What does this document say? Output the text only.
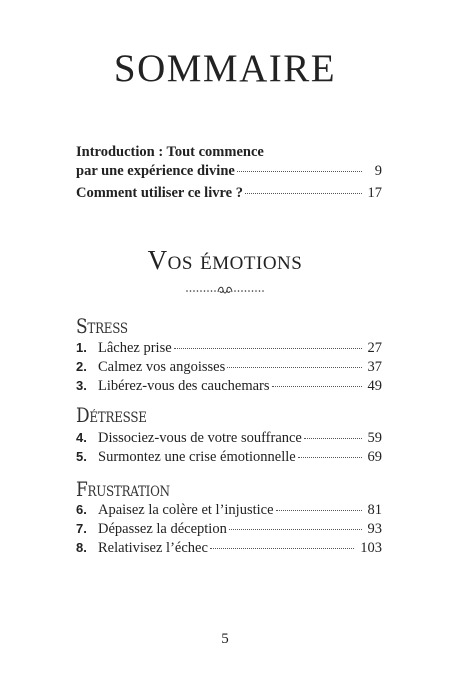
SOMMAIRE
Introduction : Tout commence
par une expérience divine	9
Comment utiliser ce livre ?	17
Vos émotions
Stress
1. Lâchez prise	27
2. Calmez vos angoisses	37
3. Libérez-vous des cauchemars	49
Détresse
4. Dissociez-vous de votre souffrance	59
5. Surmontez une crise émotionnelle	69
Frustration
6. Apaisez la colère et l’injustice	81
7. Dépassez la déception	93
8. Relativisez l’échec	103
5
